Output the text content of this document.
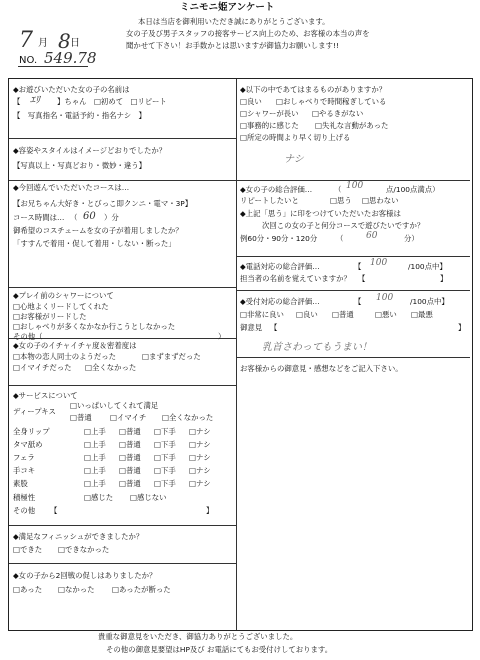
ミニモニ姫アンケート
本日は当店を御利用いただき誠にありがとうございます。
女の子及び男子スタッフの接客サービス向上のため、お客様の本当の声を
聞かせて下さい！お手数かとは思いますが御協力お願いします!!
7 月 8 日
NO. 549.78
◆お遊びいただいた女の子の名前は
【 ｴﾘ 】ちゃん　□初めて　□リピート
【　写真指名・電話予約・指名ナシ　】
◆容姿やスタイルはイメージどおりでしたか？
【写真以上・写真どおり・微妙・違う】
◆今回遊んでいただいたコースは…
【お兄ちゃん大好き・とびっこ即クンニ・電マ・3P】
コース時間は… （ 60 ）分
御希望のコスチュームを女の子が着用しましたか？
「すすんで着用・促して着用・しない・断った」
◆プレイ前のシャワーについて
□心地よくリードしてくれた
□お客様がリードした
□おしゃべりが多くなかなか行こうとしなかった
その他（	）
◆女の子のイチャイチャ度＆密着度は
□本物の恋人同士のようだった	□まずまずだった
□イマイチだった □全くなかった
◆サービスについて
ディープキス
□いっぱいしてくれて満足
□普通 □イマイチ □全くなかった
全身リップ	□上手 □普通 □下手 □ナシ
タマ舐め	□上手 □普通 □下手 □ナシ
フェラ	□上手 □普通 □下手 □ナシ
手コキ	□上手 □普通 □下手 □ナシ
素股	□上手 □普通 □下手 □ナシ
積極性	□感じた □感じない
その他 【	】
◆満足なフィニッシュができましたか？
□できた □できなかった
◆女の子から2回戦の促しはありましたか？
□あった □なかった □あったが断った
◆以下の中であてはまるものがありますか？
□良い □おしゃべりで時間稼ぎしている
□シャワーが長い □やるきがない
□事務的に感じた □失礼な言動があった
□所定の時間より早く切り上げる
ナシ
◆女の子の総合評価…	（ 100	点/100点満点）
リピートしたいと	□思う □思わない
◆上記「思う」に印をつけていただいたお客様は
次回この女の子と何分コースで遊びたいですか？
例60分・90分・120分	（	60	分）
◆電話対応の総合評価…	【 100	/100点中】
担当者の名前を覚えていますか？ 【	】
◆受付対応の総合評価…	【 100 /100点中】
□非常に良い □良い □普通	□悪い □最悪
御意見 【	】
乳首さわってもうまい！
お客様からの御意見・感想などをご記入下さい。
貴重な御意見をいただき、御協力ありがとうございました。
その他の御意見要望はHP及び お電話にてもお受付けしております。
